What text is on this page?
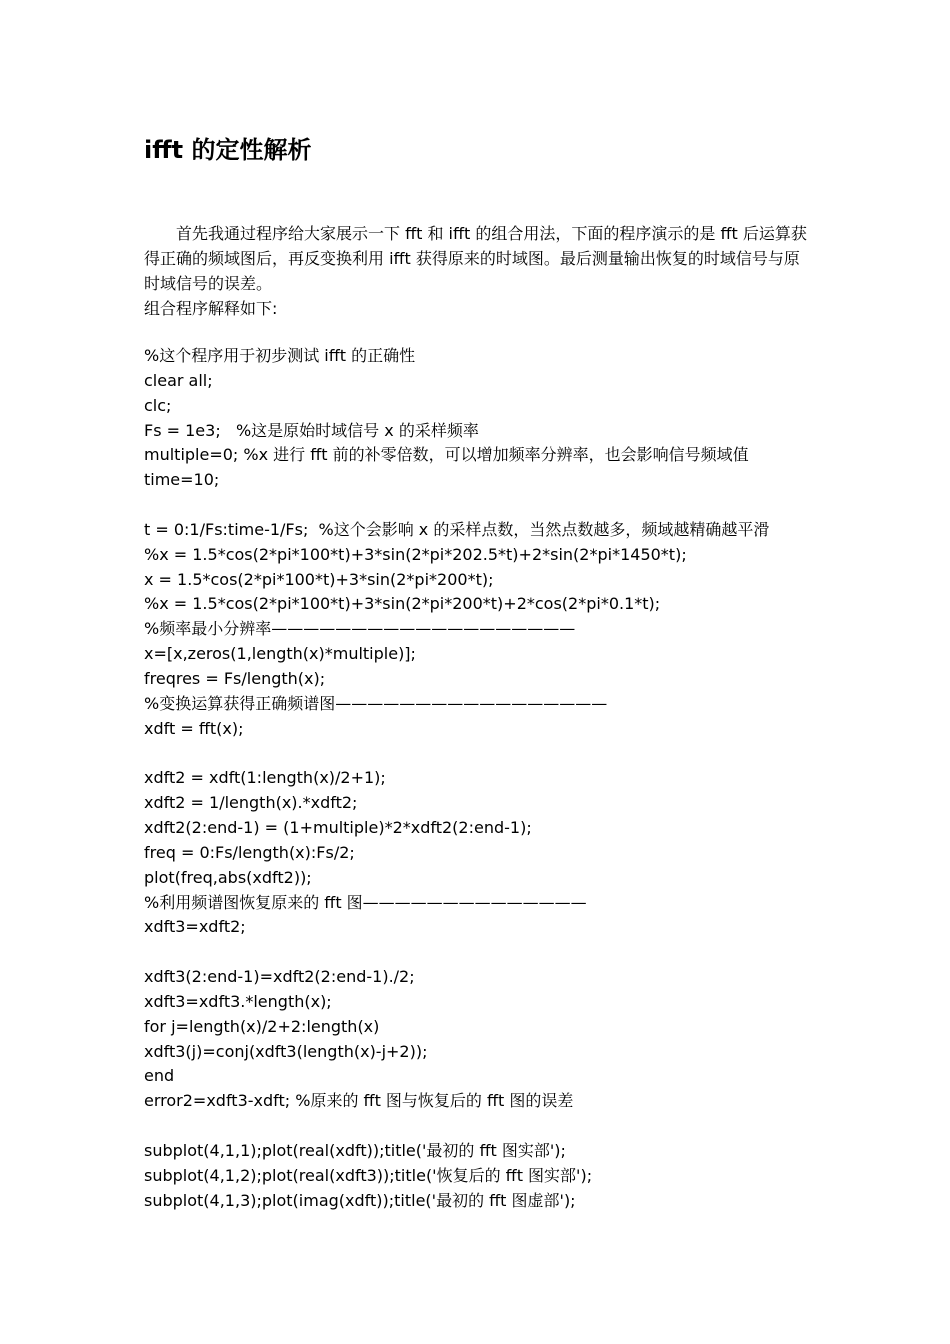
ifft 的定性解析

首先我通过程序给大家展示一下 fft 和 ifft 的组合用法，下面的程序演示的是 fft 后运算获得正确的频域图后，再反变换利用 ifft 获得原来的时域图。最后测量输出恢复的时域信号与原时域信号的误差。

组合程序解释如下:
%这个程序用于初步测试 ifft 的正确性
clear all;
clc;
Fs = 1e3;   %这是原始时域信号 x 的采样频率
multiple=0; %x 进行 fft 前的补零倍数，可以增加频率分辨率，也会影响信号频域值
time=10;
t = 0:1/Fs:time-1/Fs;  %这个会影响 x 的采样点数，当然点数越多，频域越精确越平滑
%x = 1.5*cos(2*pi*100*t)+3*sin(2*pi*202.5*t)+2*sin(2*pi*1450*t);
x = 1.5*cos(2*pi*100*t)+3*sin(2*pi*200*t);
%x = 1.5*cos(2*pi*100*t)+3*sin(2*pi*200*t)+2*cos(2*pi*0.1*t);
%频率最小分辨率———————————————————
x=[x,zeros(1,length(x)*multiple)];
freqres = Fs/length(x);
%变换运算获得正确频谱图—————————————————
xdft = fft(x);
xdft2 = xdft(1:length(x)/2+1);
xdft2 = 1/length(x).*xdft2;
xdft2(2:end-1) = (1+multiple)*2*xdft2(2:end-1);
freq = 0:Fs/length(x):Fs/2;
plot(freq,abs(xdft2));
%利用频谱图恢复原来的 fft 图——————————————
xdft3=xdft2;
xdft3(2:end-1)=xdft2(2:end-1)./2;
xdft3=xdft3.*length(x);
for j=length(x)/2+2:length(x)
xdft3(j)=conj(xdft3(length(x)-j+2));
end
error2=xdft3-xdft; %原来的 fft 图与恢复后的 fft 图的误差
subplot(4,1,1);plot(real(xdft));title('最初的 fft 图实部');
subplot(4,1,2);plot(real(xdft3));title('恢复后的 fft 图实部');
subplot(4,1,3);plot(imag(xdft));title('最初的 fft 图虚部');
